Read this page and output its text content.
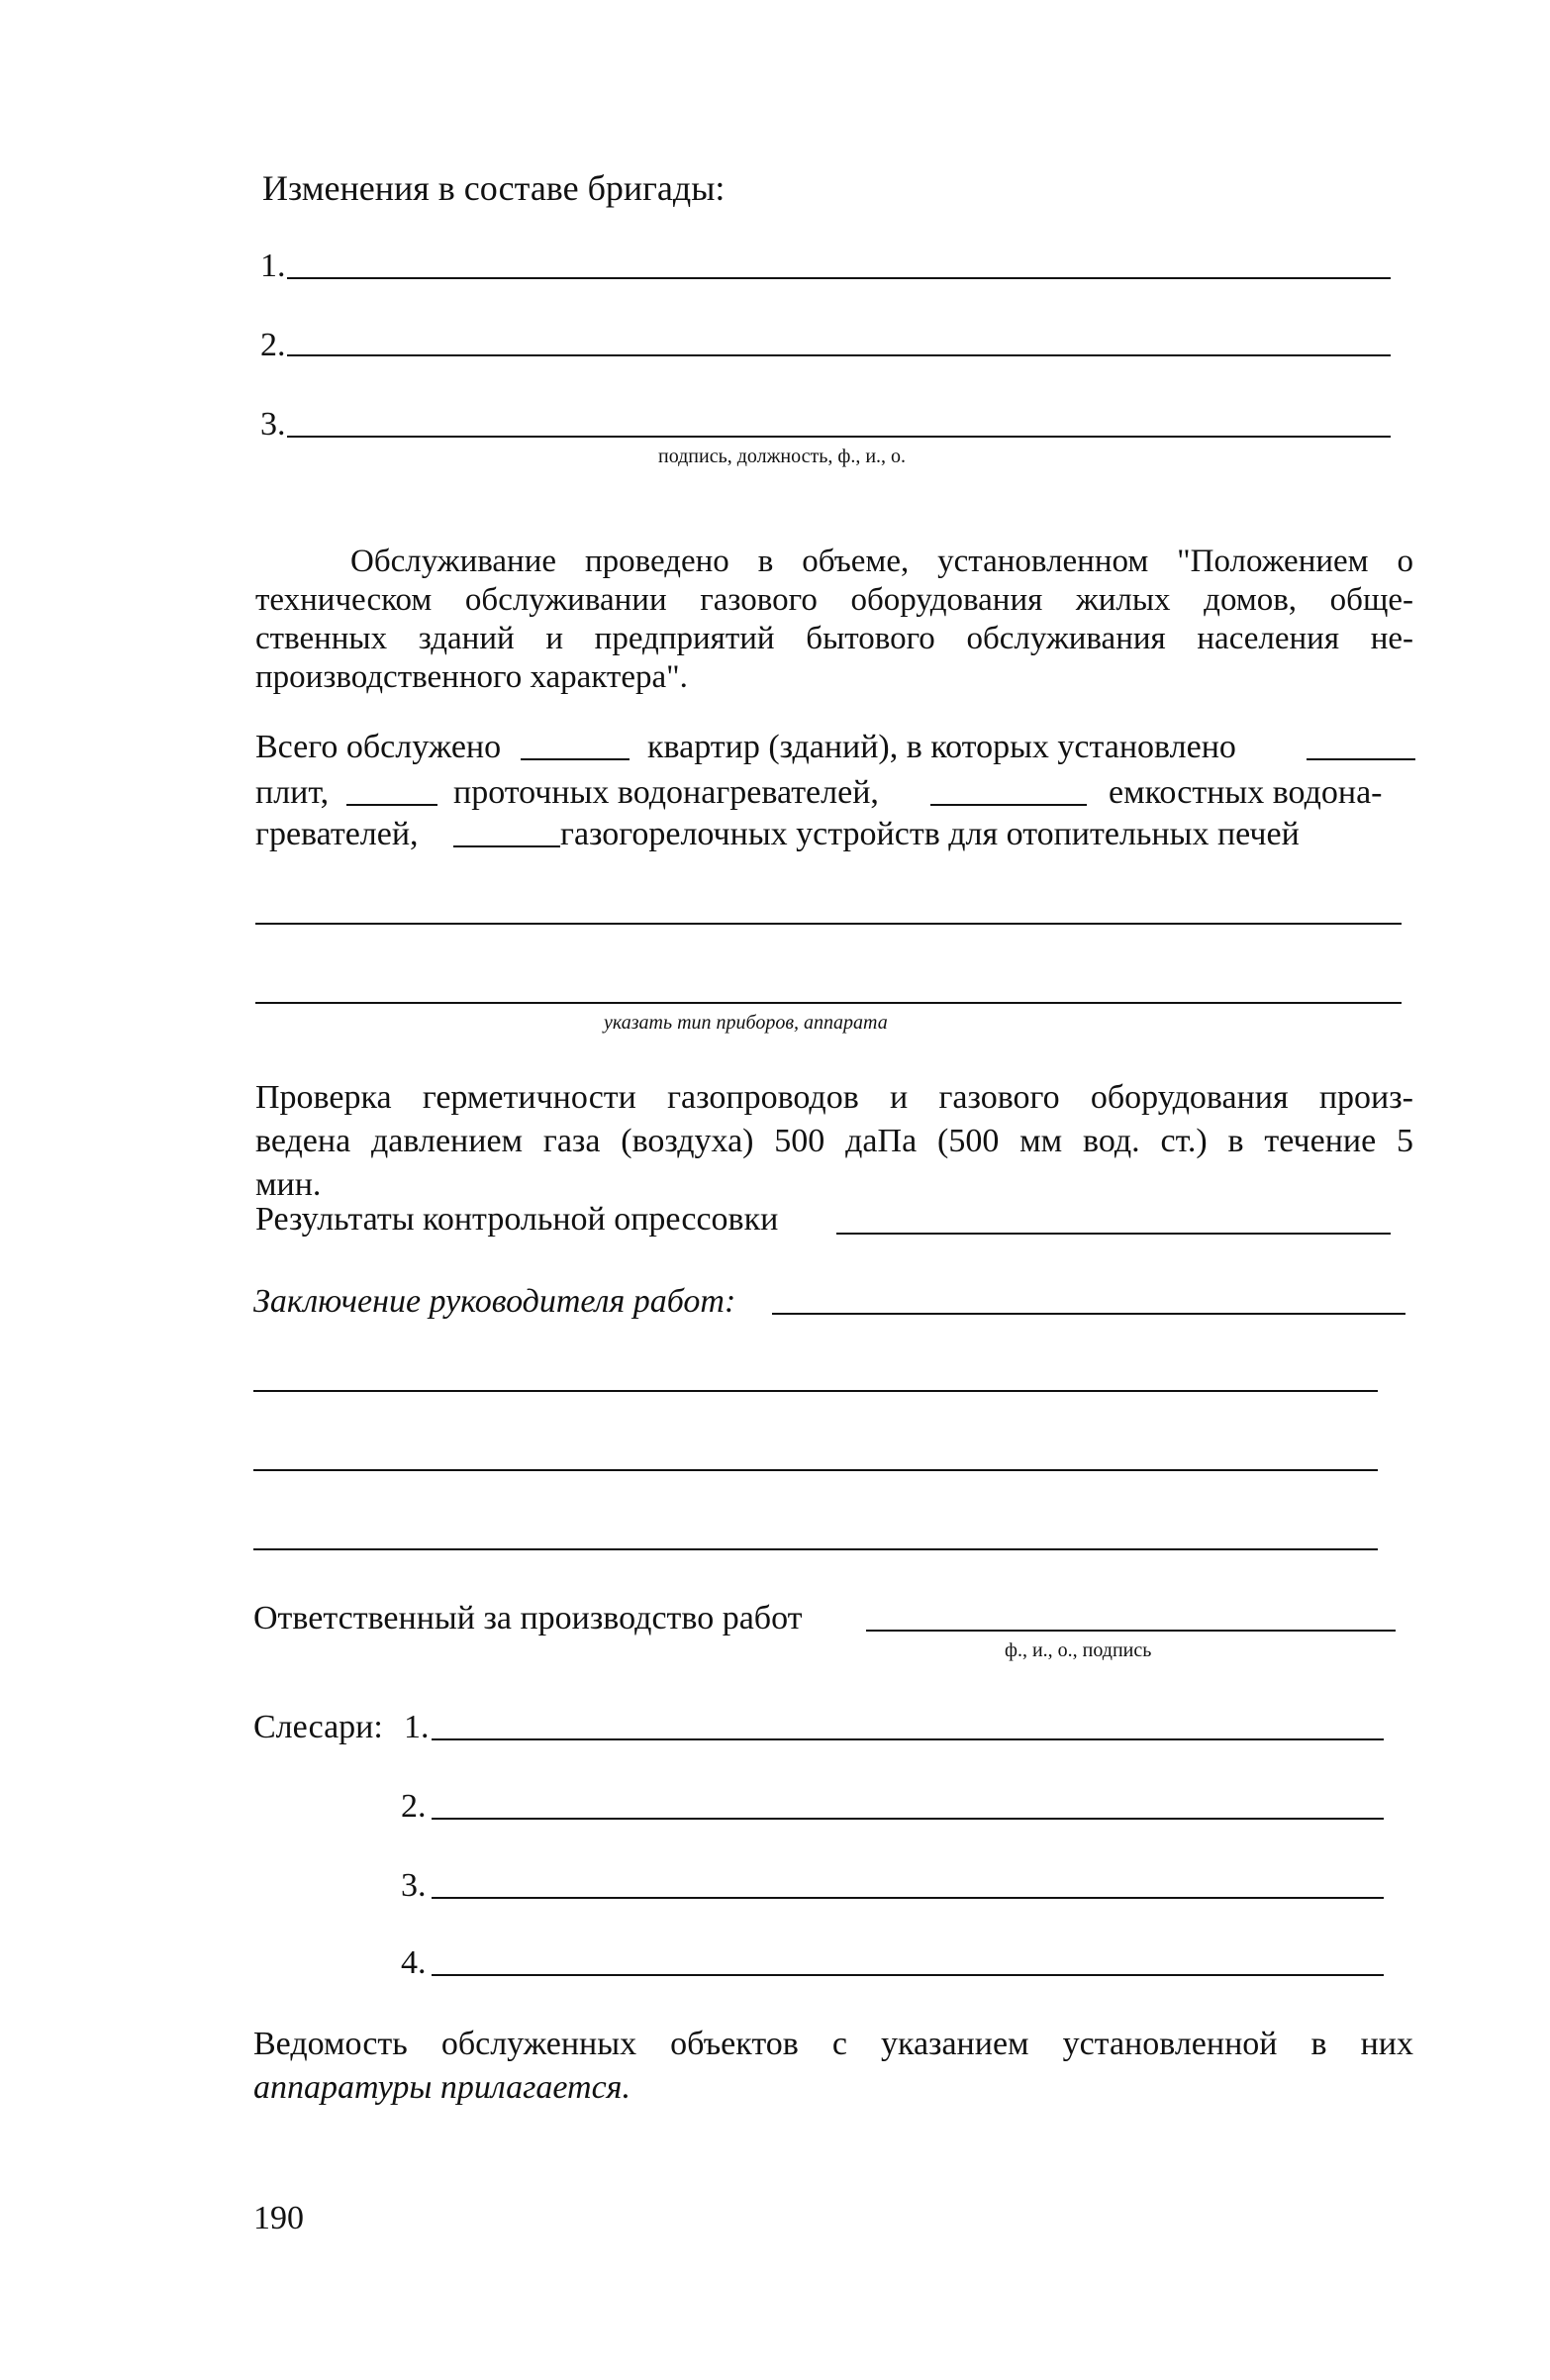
Изменения в составе бригады:
1.
2.
3.
подпись, должность, ф., и., о.
Обслуживание проведено в объеме, установленном "Положением о
техническом обслуживании газового оборудования жилых домов, обще-
ственных зданий и предприятий бытового обслуживания населения не-
производственного характера".
Всего обслужено	квартир (зданий), в которых установлено
плит,	проточных водонагревателей,	емкостных водона-
гревателей,	газогорелочных устройств для отопительных печей
указать тип приборов, аппарата
Проверка герметичности газопроводов и газового оборудования произ-
ведена давлением газа (воздуха) 500 даПа (500 мм вод. ст.) в течение 5
мин.
Результаты контрольной опрессовки
Заключение руководителя работ:
Ответственный за производство работ
ф., и., о., подпись
Слесари: 1.
2.
3.
4.
Ведомость обслуженных объектов с указанием установленной в них
аппаратуры прилагается.
190
